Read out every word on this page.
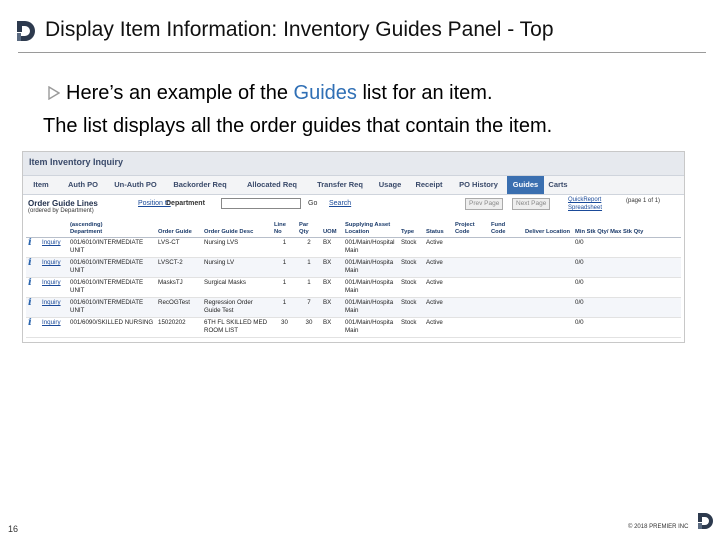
Display Item Information: Inventory Guides Panel - Top
Here’s an example of the Guides list for an item.
The list displays all the order guides that contain the item.
Item Inventory Inquiry
Item	Auth PO	Un-Auth PO	Backorder Req	Allocated Req	Transfer Req	Usage	Receipt	PO History	Guides	Carts
Order Guide Lines
(ordered by Department)
Position to
Department	Go Search	Prev Page	Next Page	QuickReport Spreadsheet
(page 1 of 1)
		(ascending)
Department	Order Guide	Order Guide Desc	Line No	Par Qty	UOM	Supplying Asset Location	Type	Status	Project Code	Fund Code	Deliver Location	Min Stk Qty/ Max Stk Qty
i	Inquiry	001/6010/INTERMEDIATE UNIT	LVS-CT	Nursing LVS	1	2	BX	001/Main/Hospital Main	Stock	Active				0/0
i	Inquiry	001/6010/INTERMEDIATE UNIT	LVSCT-2	Nursing LV	1	1	BX	001/Main/Hospita Main	Stock	Active				0/0
i	Inquiry	001/6010/INTERMEDIATE UNIT	MasksTJ	Surgical Masks	1	1	BX	001/Main/Hospita Main	Stock	Active				0/0
i	Inquiry	001/6010/INTERMEDIATE UNIT	RecOGTest	Regression Order Guide Test	1	7	BX	001/Main/Hospita Main	Stock	Active				0/0
i	Inquiry	001/6090/SKILLED NURSING	15020202	6TH FL SKILLED MED ROOM LIST	30	30	BX	001/Main/Hospita Main	Stock	Active				0/0
16	© 2018 PREMIER INC
